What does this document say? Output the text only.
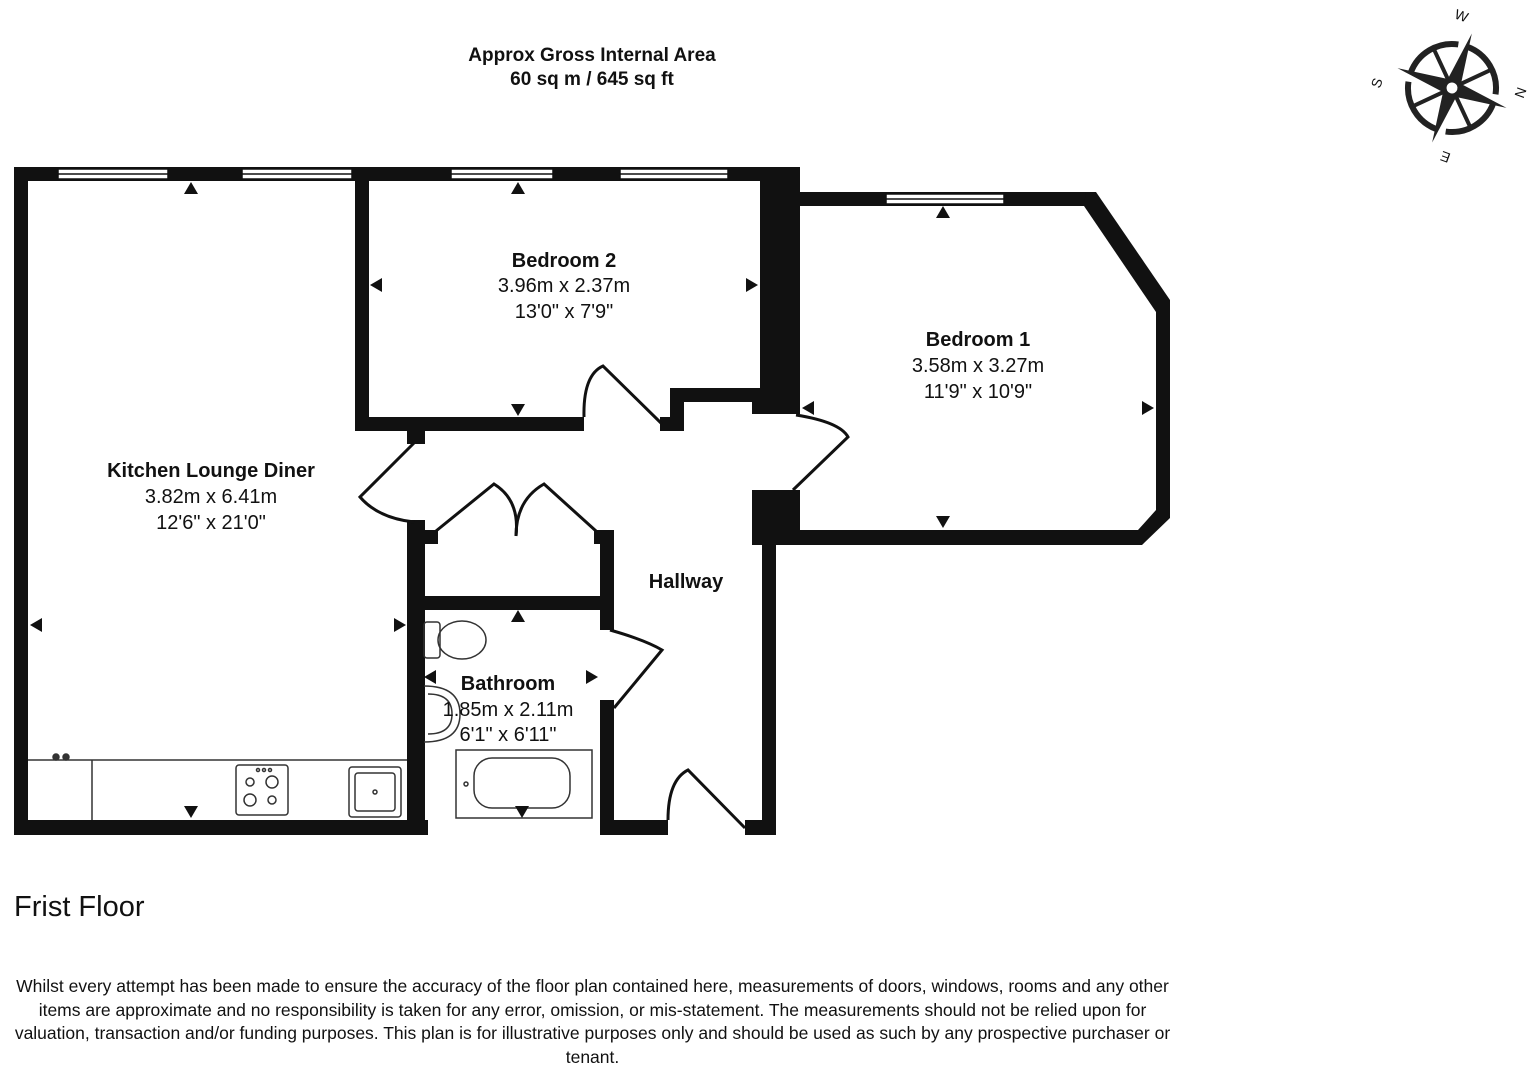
Approx Gross Internal Area
60 sq m / 645 sq ft
W
N
S
E
Bedroom 2
3.96m x 2.37m
13'0" x 7'9"
Bedroom 1
3.58m x 3.27m
11'9" x 10'9"
Kitchen Lounge Diner
3.82m x 6.41m
12'6" x 21'0"
Hallway
Bathroom
1.85m x 2.11m
6'1" x 6'11"
Frist Floor
Whilst every attempt has been made to ensure the accuracy of the floor plan contained here, measurements of doors, windows, rooms and any other items are approximate and no responsibility is taken for any error, omission, or mis-statement. The measurements should not be relied upon for valuation, transaction and/or funding purposes. This plan is for illustrative purposes only and should be used as such by any prospective purchaser or tenant.
